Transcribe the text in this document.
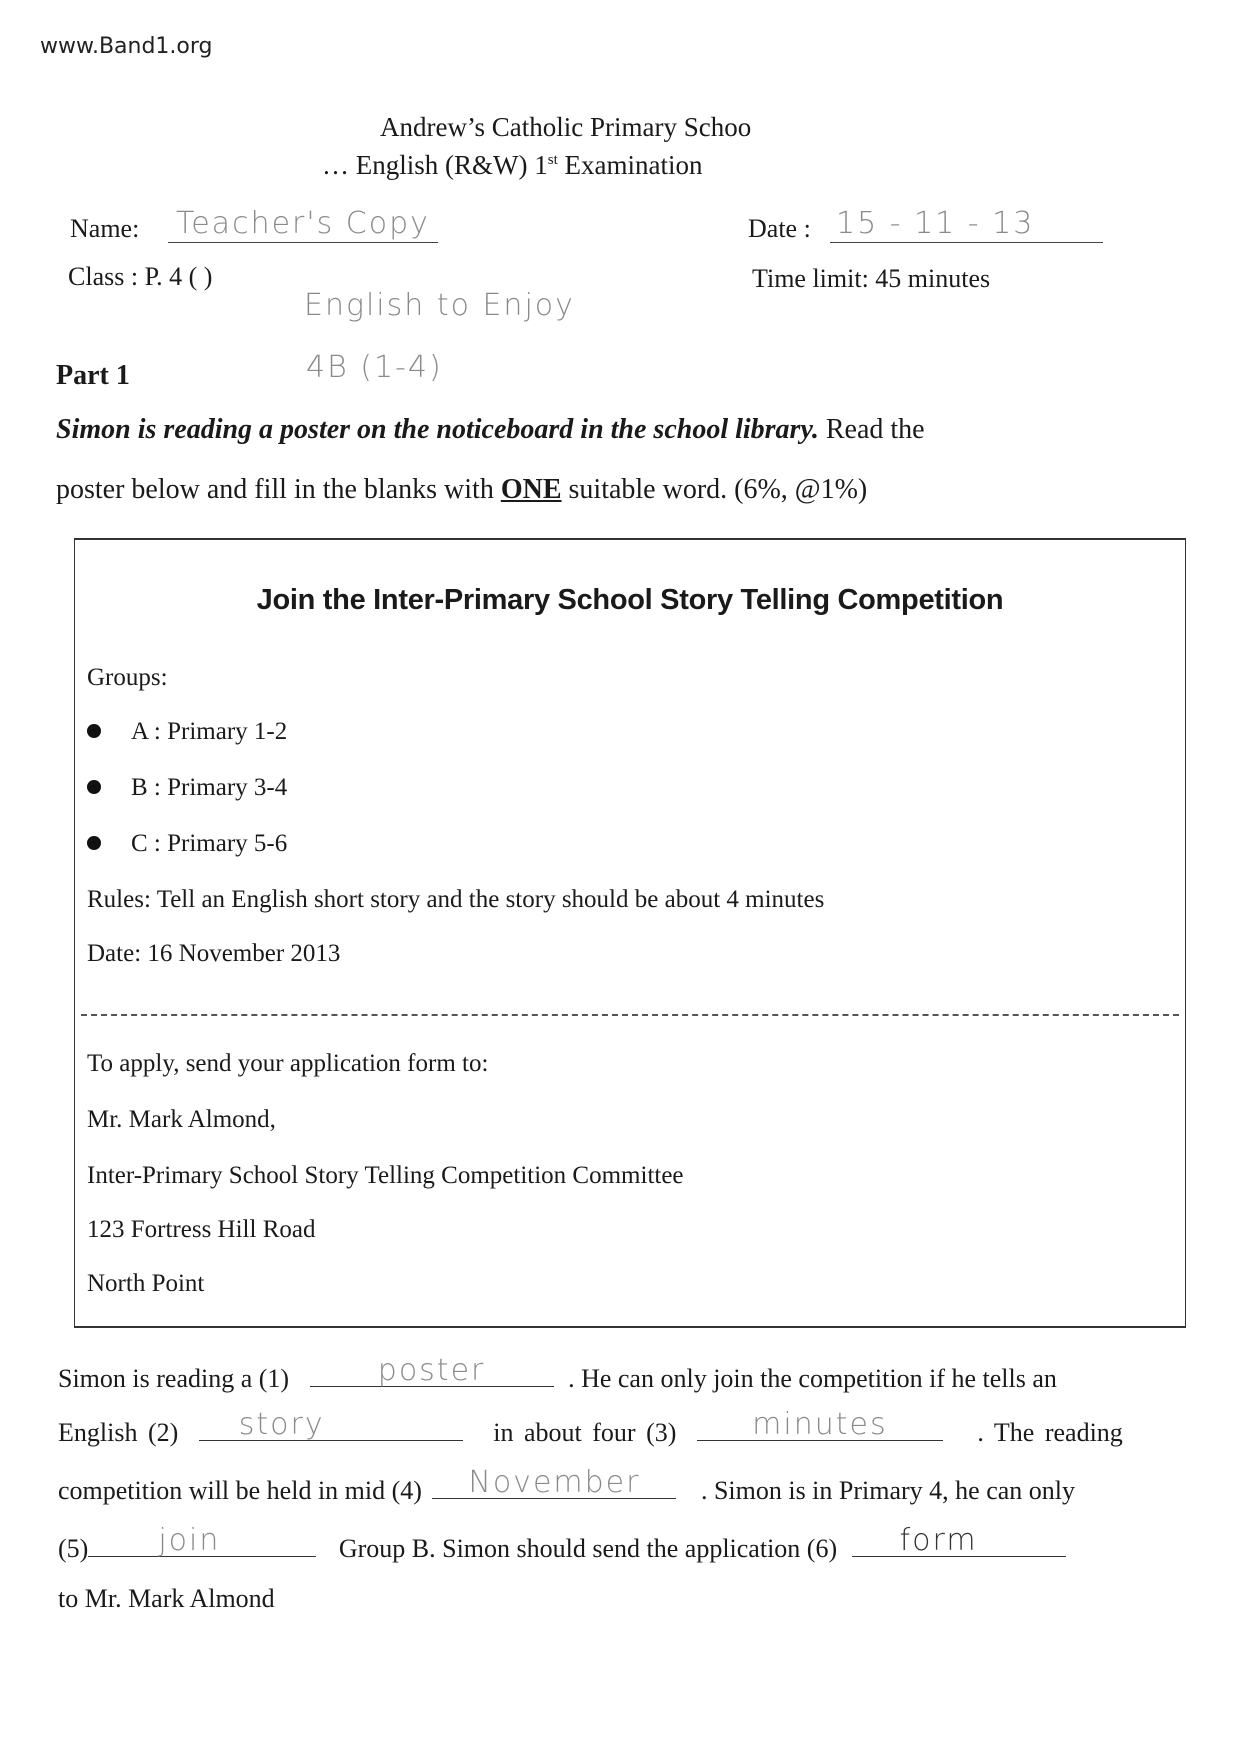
www.Band1.org
Andrew’s Catholic Primary Schoo
… English (R&W) 1st Examination
Name: Teacher's Copy	Date : 15 - 11 - 13
Class : P. 4 ( )	Time limit: 45 minutes
English to Enjoy
4B (1-4)
Part 1
Simon is reading a poster on the noticeboard in the school library. Read the
poster below and fill in the blanks with ONE suitable word. (6%, @1%)
Join the Inter-Primary School Story Telling Competition
Groups:
A : Primary 1-2
B : Primary 3-4
C : Primary 5-6
Rules: Tell an English short story and the story should be about 4 minutes
Date: 16 November 2013
To apply, send your application form to:
Mr. Mark Almond,
Inter-Primary School Story Telling Competition Committee
123 Fortress Hill Road
North Point
Simon is reading a (1)	poster	. He can only join the competition if he tells an
English (2)	story	in about four (3)	minutes	. The reading
competition will be held in mid (4)	November	. Simon is in Primary 4, he can only
(5)	join	Group B. Simon should send the application (6)	form
to Mr. Mark Almond
